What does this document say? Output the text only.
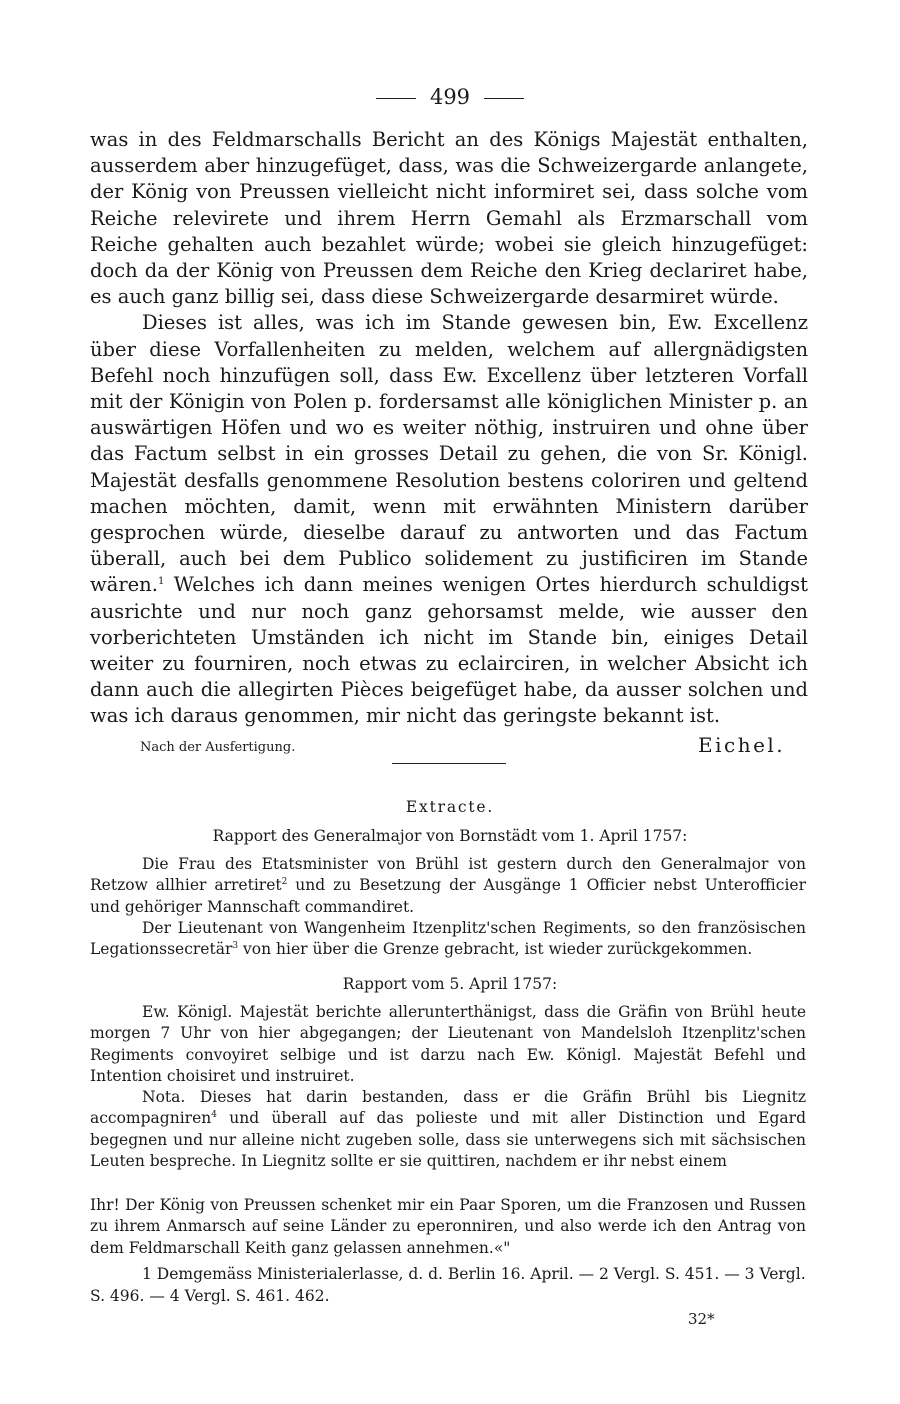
499

was in des Feldmarschalls Bericht an des Königs Majestät enthalten, ausserdem aber hinzugefüget, dass, was die Schweizergarde anlangete, der König von Preussen vielleicht nicht informiret sei, dass solche vom Reiche relevirete und ihrem Herrn Gemahl als Erzmarschall vom Reiche gehalten auch bezahlet würde; wobei sie gleich hinzugefüget: doch da der König von Preussen dem Reiche den Krieg declariret habe, es auch ganz billig sei, dass diese Schweizergarde desarmiret würde.

Dieses ist alles, was ich im Stande gewesen bin, Ew. Excellenz über diese Vorfallenheiten zu melden, welchem auf allergnädigsten Befehl noch hinzufügen soll, dass Ew. Excellenz über letzteren Vorfall mit der Königin von Polen p. fordersamst alle königlichen Minister p. an auswärtigen Höfen und wo es weiter nöthig, instruiren und ohne über das Factum selbst in ein grosses Detail zu gehen, die von Sr. Königl. Majestät desfalls genommene Resolution bestens coloriren und geltend machen möchten, damit, wenn mit erwähnten Ministern darüber gesprochen würde, dieselbe darauf zu antworten und das Factum überall, auch bei dem Publico solidement zu justificiren im Stande wären.$^1$ Welches ich dann meines wenigen Ortes hierdurch schuldigst ausrichte und nur noch ganz gehorsamst melde, wie ausser den vorberichteten Umständen ich nicht im Stande bin, einiges Detail weiter zu fourniren, noch etwas zu eclairciren, in welcher Absicht ich dann auch die allegirten Pièces beigefüget habe, da ausser solchen und was ich daraus genommen, mir nicht das geringste bekannt ist.

Nach der Ausfertigung.	Eichel.
Extracte.
Rapport des Generalmajor von Bornstädt vom 1. April 1757:

Die Frau des Etatsminister von Brühl ist gestern durch den Generalmajor von Retzow allhier arretiret$^2$ und zu Besetzung der Ausgänge 1 Officier nebst Unterofficier und gehöriger Mannschaft commandiret.

Der Lieutenant von Wangenheim Itzenplitz'schen Regiments, so den französischen Legationssecretär$^3$ von hier über die Grenze gebracht, ist wieder zurückgekommen.

Rapport vom 5. April 1757:

Ew. Königl. Majestät berichte allerunterthänigst, dass die Gräfin von Brühl heute morgen 7 Uhr von hier abgegangen; der Lieutenant von Mandelsloh Itzenplitz'schen Regiments convoyiret selbige und ist darzu nach Ew. Königl. Majestät Befehl und Intention choisiret und instruiret.

Nota. Dieses hat darin bestanden, dass er die Gräfin Brühl bis Liegnitz accompagniren$^4$ und überall auf das polieste und mit aller Distinction und Egard begegnen und nur alleine nicht zugeben solle, dass sie unterwegens sich mit sächsischen Leuten bespreche. In Liegnitz sollte er sie quittiren, nachdem er ihr nebst einem

Ihr! Der König von Preussen schenket mir ein Paar Sporen, um die Franzosen und Russen zu ihrem Anmarsch auf seine Länder zu eperonniren, und also werde ich den Antrag von dem Feldmarschall Keith ganz gelassen annehmen.«"

1 Demgemäss Ministerialerlasse, d. d. Berlin 16. April. — 2 Vergl. S. 451. — 3 Vergl. S. 496. — 4 Vergl. S. 461. 462.

32*
